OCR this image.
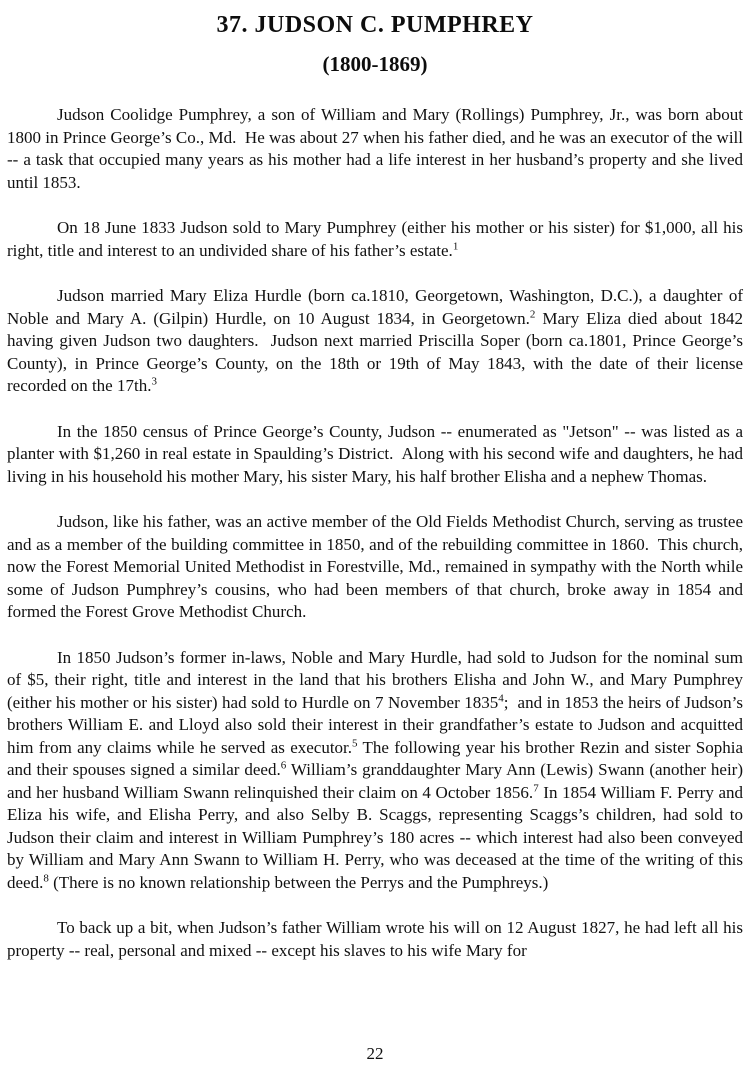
37. JUDSON C. PUMPHREY
(1800-1869)

Judson Coolidge Pumphrey, a son of William and Mary (Rollings) Pumphrey, Jr., was born about 1800 in Prince George’s Co., Md.  He was about 27 when his father died, and he was an executor of the will -- a task that occupied many years as his mother had a life interest in her husband’s property and she lived until 1853.

On 18 June 1833 Judson sold to Mary Pumphrey (either his mother or his sister) for $1,000, all his right, title and interest to an undivided share of his father’s estate.$^1$

Judson married Mary Eliza Hurdle (born ca.1810, Georgetown, Washington, D.C.), a daughter of Noble and Mary A. (Gilpin) Hurdle, on 10 August 1834, in Georgetown.$^2$ Mary Eliza died about 1842 having given Judson two daughters.  Judson next married Priscilla Soper (born ca.1801, Prince George’s County), in Prince George’s County, on the 18th or 19th of May 1843, with the date of their license recorded on the 17th.$^3$

In the 1850 census of Prince George’s County, Judson -- enumerated as "Jetson" -- was listed as a planter with $1,260 in real estate in Spaulding’s District.  Along with his second wife and daughters, he had living in his household his mother Mary, his sister Mary, his half brother Elisha and a nephew Thomas.

Judson, like his father, was an active member of the Old Fields Methodist Church, serving as trustee and as a member of the building committee in 1850, and of the rebuilding committee in 1860.  This church, now the Forest Memorial United Methodist in Forestville, Md., remained in sympathy with the North while some of Judson Pumphrey’s cousins, who had been members of that church, broke away in 1854 and formed the Forest Grove Methodist Church.

In 1850 Judson’s former in-laws, Noble and Mary Hurdle, had sold to Judson for the nominal sum of $5, their right, title and interest in the land that his brothers Elisha and John W., and Mary Pumphrey (either his mother or his sister) had sold to Hurdle on 7 November 1835$^4$;  and in 1853 the heirs of Judson’s brothers William E. and Lloyd also sold their interest in their grandfather’s estate to Judson and acquitted him from any claims while he served as executor.$^5$ The following year his brother Rezin and sister Sophia and their spouses signed a similar deed.$^6$ William’s granddaughter Mary Ann (Lewis) Swann (another heir) and her husband William Swann relinquished their claim on 4 October 1856.$^7$ In 1854 William F. Perry and Eliza his wife, and Elisha Perry, and also Selby B. Scaggs, representing Scaggs’s children, had sold to Judson their claim and interest in William Pumphrey’s 180 acres -- which interest had also been conveyed by William and Mary Ann Swann to William H. Perry, who was deceased at the time of the writing of this deed.$^8$ (There is no known relationship between the Perrys and the Pumphreys.)

To back up a bit, when Judson’s father William wrote his will on 12 August 1827, he had left all his property -- real, personal and mixed -- except his slaves to his wife Mary for

22
